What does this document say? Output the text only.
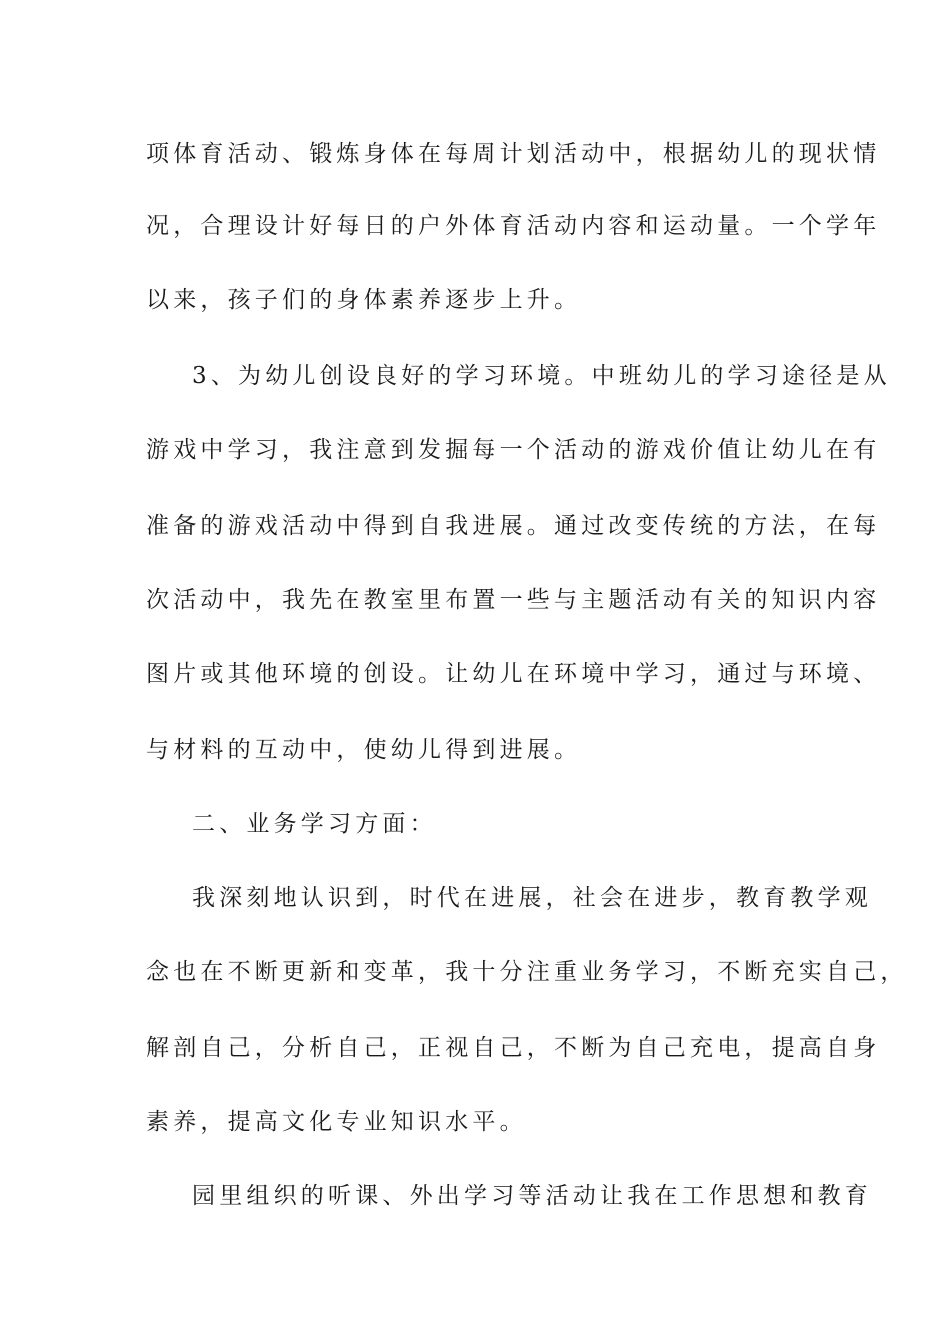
项体育活动、锻炼身体在每周计划活动中，根据幼儿的现状情
况，合理设计好每日的户外体育活动内容和运动量。一个学年
以来，孩子们的身体素养逐步上升。
3、为幼儿创设良好的学习环境。中班幼儿的学习途径是从
游戏中学习，我注意到发掘每一个活动的游戏价值让幼儿在有
准备的游戏活动中得到自我进展。通过改变传统的方法，在每
次活动中，我先在教室里布置一些与主题活动有关的知识内容
图片或其他环境的创设。让幼儿在环境中学习，通过与环境、
与材料的互动中，使幼儿得到进展。
二、业务学习方面：
我深刻地认识到，时代在进展，社会在进步，教育教学观
念也在不断更新和变革，我十分注重业务学习，不断充实自己，
解剖自己，分析自己，正视自己，不断为自己充电，提高自身
素养，提高文化专业知识水平。
园里组织的听课、外出学习等活动让我在工作思想和教育
